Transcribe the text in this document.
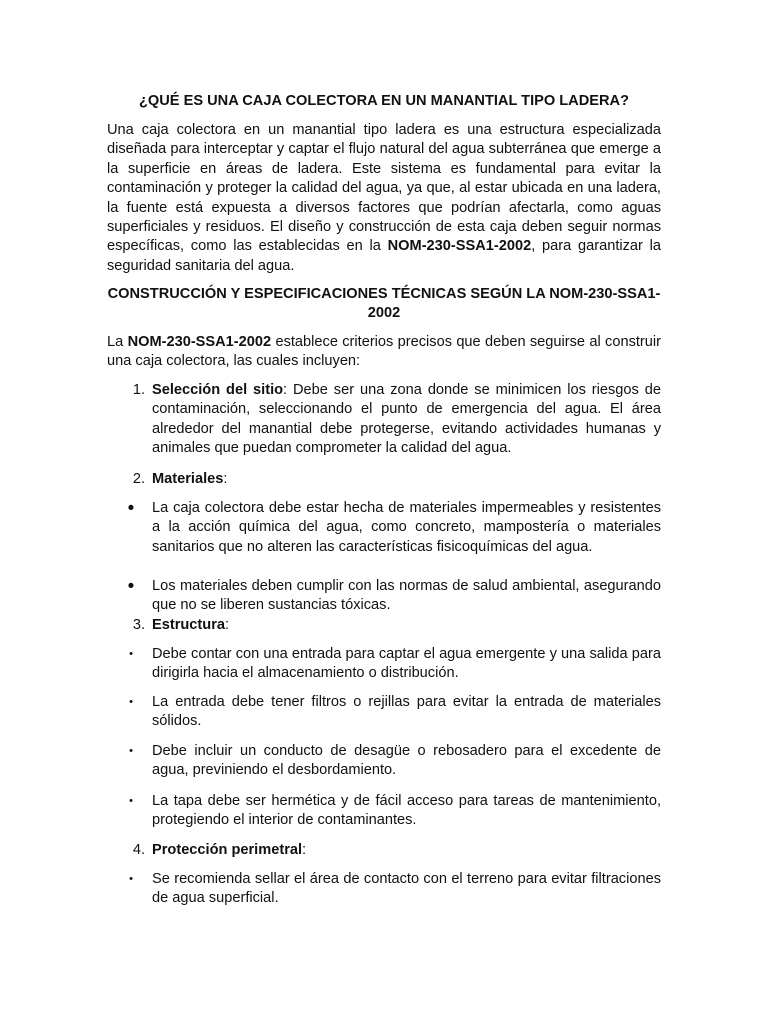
¿QUÉ ES UNA CAJA COLECTORA EN UN MANANTIAL TIPO LADERA?

Una caja colectora en un manantial tipo ladera es una estructura especializada diseñada para interceptar y captar el flujo natural del agua subterránea que emerge a la superficie en áreas de ladera. Este sistema es fundamental para evitar la contaminación y proteger la calidad del agua, ya que, al estar ubicada en una ladera, la fuente está expuesta a diversos factores que podrían afectarla, como aguas superficiales y residuos. El diseño y construcción de esta caja deben seguir normas específicas, como las establecidas en la NOM-230-SSA1-2002, para garantizar la seguridad sanitaria del agua.

CONSTRUCCIÓN Y ESPECIFICACIONES TÉCNICAS SEGÚN LA NOM-230-SSA1-2002

La NOM-230-SSA1-2002 establece criterios precisos que deben seguirse al construir una caja colectora, las cuales incluyen:

1. Selección del sitio: Debe ser una zona donde se minimicen los riesgos de contaminación, seleccionando el punto de emergencia del agua. El área alrededor del manantial debe protegerse, evitando actividades humanas y animales que puedan comprometer la calidad del agua.
2. Materiales:
•	La caja colectora debe estar hecha de materiales impermeables y resistentes a la acción química del agua, como concreto, mampostería o materiales sanitarios que no alteren las características fisicoquímicas del agua.
•	Los materiales deben cumplir con las normas de salud ambiental, asegurando que no se liberen sustancias tóxicas.
3. Estructura:
•	Debe contar con una entrada para captar el agua emergente y una salida para dirigirla hacia el almacenamiento o distribución.
•	La entrada debe tener filtros o rejillas para evitar la entrada de materiales sólidos.
•	Debe incluir un conducto de desagüe o rebosadero para el excedente de agua, previniendo el desbordamiento.
•	La tapa debe ser hermética y de fácil acceso para tareas de mantenimiento, protegiendo el interior de contaminantes.
4. Protección perimetral:
•	Se recomienda sellar el área de contacto con el terreno para evitar filtraciones de agua superficial.
